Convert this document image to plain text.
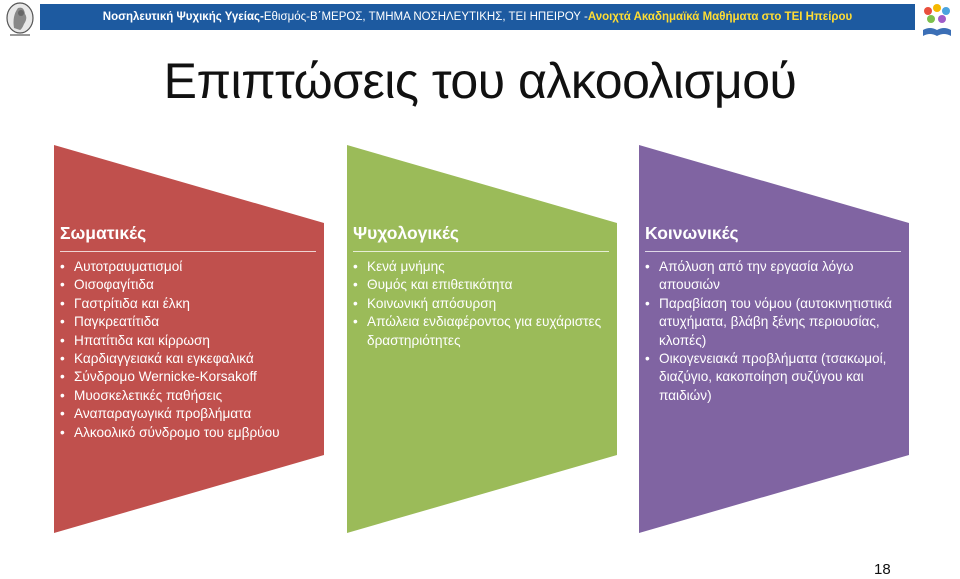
Νοσηλευτική Ψυχικής Υγείας- Εθισμός-Β΄ΜΕΡΟΣ, ΤΜΗΜΑ ΝΟΣΗΛΕΥΤΙΚΗΣ, ΤΕΙ ΗΠΕΙΡΟΥ - Ανοιχτά Ακαδημαϊκά Μαθήματα στο ΤΕΙ Ηπείρου
Επιπτώσεις του αλκοολισμού
Σωματικές
• Αυτοτραυματισμοί
• Οισοφαγίτιδα
• Γαστρίτιδα και έλκη
• Παγκρεατίτιδα
• Ηπατίτιδα και κίρρωση
• Καρδιαγγειακά και εγκεφαλικά
• Σύνδρομο Wernicke-Korsakoff
• Μυοσκελετικές παθήσεις
• Αναπαραγωγικά προβλήματα
• Αλκοολικό σύνδρομο του εμβρύου
Ψυχολογικές
• Κενά μνήμης
• Θυμός και επιθετικότητα
• Κοινωνική απόσυρση
• Απώλεια ενδιαφέροντος για ευχάριστες δραστηριότητες
Κοινωνικές
• Απόλυση από την εργασία λόγω απουσιών
• Παραβίαση του νόμου (αυτοκινητιστικά ατυχήματα, βλάβη ξένης περιουσίας, κλοπές)
• Οικογενειακά προβλήματα (τσακωμοί, διαζύγιο, κακοποίηση συζύγου και παιδιών)
18
